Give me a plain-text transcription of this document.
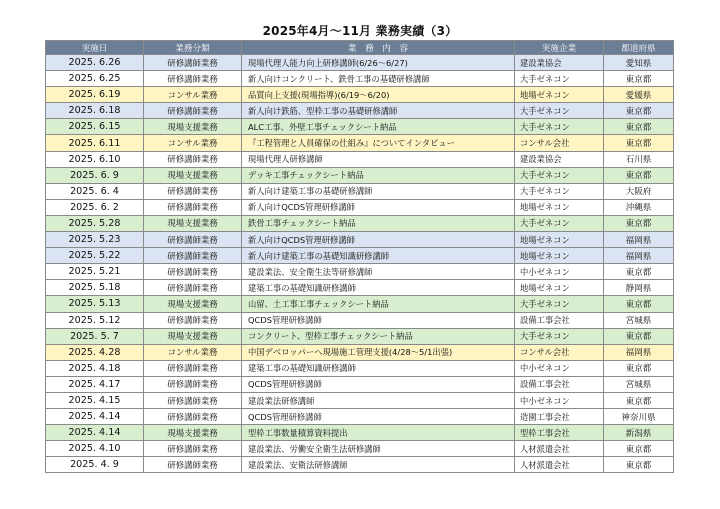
2025年4月～11月 業務実績（3）
実施日	業務分類	業　務　内　容	実施企業	都道府県
2025. 6.26	研修講師業務	現場代理人能力向上研修講師(6/26～6/27)	建設業協会	愛知県
2025. 6.25	研修講師業務	新人向けコンクリート、鉄骨工事の基礎研修講師	大手ゼネコン	東京都
2025. 6.19	コンサル業務	品質向上支援(現場指導)(6/19～6/20)	地場ゼネコン	愛媛県
2025. 6.18	研修講師業務	新人向け鉄筋、型枠工事の基礎研修講師	大手ゼネコン	東京都
2025. 6.15	現場支援業務	ALC工事、外壁工事チェックシート納品	大手ゼネコン	東京都
2025. 6.11	コンサル業務	『工程管理と人員確保の仕組み』についてインタビュー	コンサル会社	東京都
2025. 6.10	研修講師業務	現場代理人研修講師	建設業協会	石川県
2025. 6. 9	現場支援業務	デッキ工事チェックシート納品	大手ゼネコン	東京都
2025. 6. 4	研修講師業務	新人向け建築工事の基礎研修講師	大手ゼネコン	大阪府
2025. 6. 2	研修講師業務	新人向けQCDS管理研修講師	地場ゼネコン	沖縄県
2025. 5.28	現場支援業務	鉄骨工事チェックシート納品	大手ゼネコン	東京都
2025. 5.23	研修講師業務	新人向けQCDS管理研修講師	地場ゼネコン	福岡県
2025. 5.22	研修講師業務	新人向け建築工事の基礎知識研修講師	地場ゼネコン	福岡県
2025. 5.21	研修講師業務	建設業法、安全衛生法等研修講師	中小ゼネコン	東京都
2025. 5.18	研修講師業務	建築工事の基礎知識研修講師	地場ゼネコン	静岡県
2025. 5.13	現場支援業務	山留、土工事工事チェックシート納品	大手ゼネコン	東京都
2025. 5.12	研修講師業務	QCDS管理研修講師	設備工事会社	宮城県
2025. 5. 7	現場支援業務	コンクリート、型枠工事チェックシート納品	大手ゼネコン	東京都
2025. 4.28	コンサル業務	中国デベロッパーへ現場施工管理支援(4/28～5/1出張)	コンサル会社	福岡県
2025. 4.18	研修講師業務	建築工事の基礎知識研修講師	中小ゼネコン	東京都
2025. 4.17	研修講師業務	QCDS管理研修講師	設備工事会社	宮城県
2025. 4.15	研修講師業務	建設業法研修講師	中小ゼネコン	東京都
2025. 4.14	研修講師業務	QCDS管理研修講師	造園工事会社	神奈川県
2025. 4.14	現場支援業務	型枠工事数量積算資料提出	型枠工事会社	新潟県
2025. 4.10	研修講師業務	建設業法、労働安全衛生法研修講師	人材派遣会社	東京都
2025. 4. 9	研修講師業務	建設業法、安衛法研修講師	人材派遣会社	東京都
